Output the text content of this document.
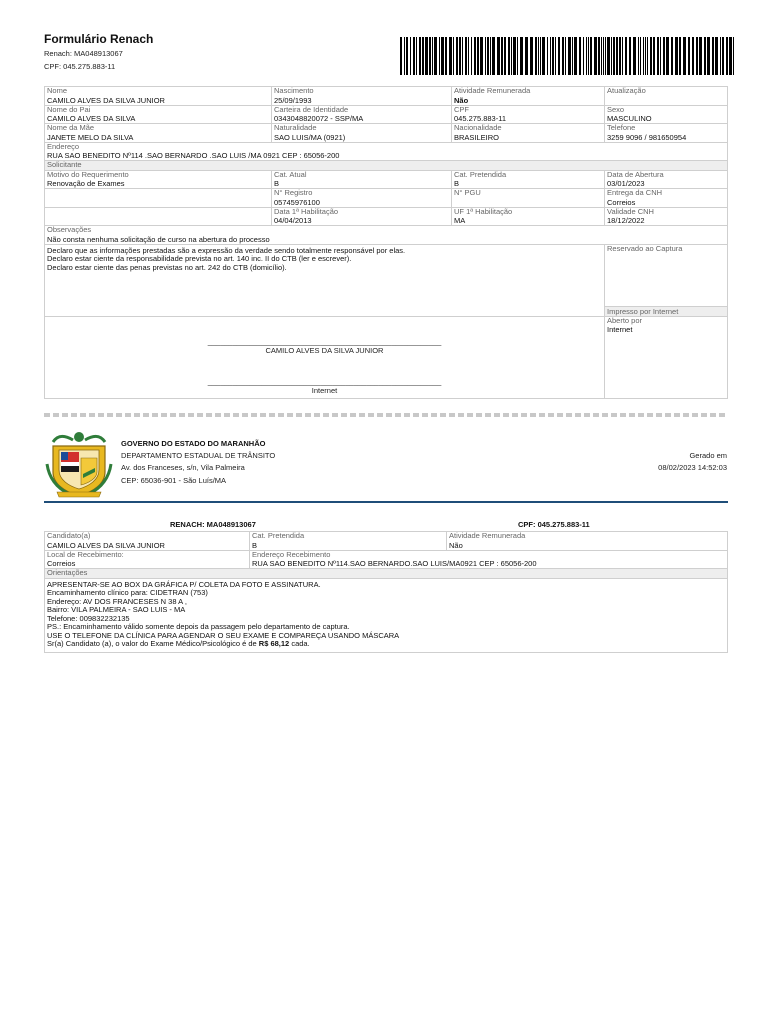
Formulário Renach
Renach: MA048913067
CPF: 045.275.883-11
Nome
CAMILO ALVES DA SILVA JUNIOR
Nascimento
25/09/1993
Atividade Remunerada
Não
Atualização
Nome do Pai
CAMILO ALVES DA SILVA
Carteira de Identidade
0343048820072 - SSP/MA
CPF
045.275.883-11
Sexo
MASCULINO
Nome da Mãe
JANETE MELO DA SILVA
Naturalidade
SAO LUIS/MA (0921)
Nacionalidade
BRASILEIRO
Telefone
3259 9096 / 981650954
Endereço
RUA SAO BENEDITO Nº114 .SAO BERNARDO .SAO LUIS /MA 0921 CEP : 65056-200
Solicitante
Motivo do Requerimento
Renovação de Exames
Cat. Atual
B
Cat. Pretendida
B
Data de Abertura
03/01/2023

N° Registro
05745976100
N° PGU	Entrega da CNH
Correios

Data 1ª Habilitação
04/04/2013
UF 1ª Habilitação
MA
Validade CNH
18/12/2022
Observações
Não consta nenhuma solicitação de curso na abertura do processo
Declaro que as informações prestadas são a expressão da verdade sendo totalmente responsável por elas.
Declaro estar ciente da responsabilidade prevista no art. 140 inc. II do CTB (ler e escrever).
Declaro estar ciente das penas previstas no art. 242 do CTB (domicílio).
Reservado ao Captura
Impresso por Internet
________________________________________________________
CAMILO ALVES DA SILVA JUNIOR
________________________________________________________
Internet
Aberto por
Internet
GOVERNO DO ESTADO DO MARANHÃO
DEPARTAMENTO ESTADUAL DE TRÂNSITO
Av. dos Franceses, s/n, Vila Palmeira
CEP: 65036-901 - São Luís/MA
Gerado em
08/02/2023 14:52:03
RENACH: MA048913067	CPF: 045.275.883-11
Candidato(a)
CAMILO ALVES DA SILVA JUNIOR
Cat. Pretendida
B
Atividade Remunerada
Não
Local de Recebimento:
Correios
Endereço Recebimento
RUA SAO BENEDITO Nº114.SAO BERNARDO.SAO LUIS/MA0921 CEP : 65056-200
Orientações
APRESENTAR-SE AO BOX DA GRÁFICA P/ COLETA DA FOTO E ASSINATURA.
Encaminhamento clínico para: CIDETRAN (753)
Endereço: AV DOS FRANCESES N 38 A ,
Bairro: VILA PALMEIRA - SAO LUIS - MA
Telefone: 009832232135
PS.: Encaminhamento válido somente depois da passagem pelo departamento de captura.
USE O TELEFONE DA CLÍNICA PARA AGENDAR O SEU EXAME E COMPAREÇA USANDO MÁSCARA
Sr(a) Candidato (a), o valor do Exame Médico/Psicológico é de R$ 68,12 cada.
